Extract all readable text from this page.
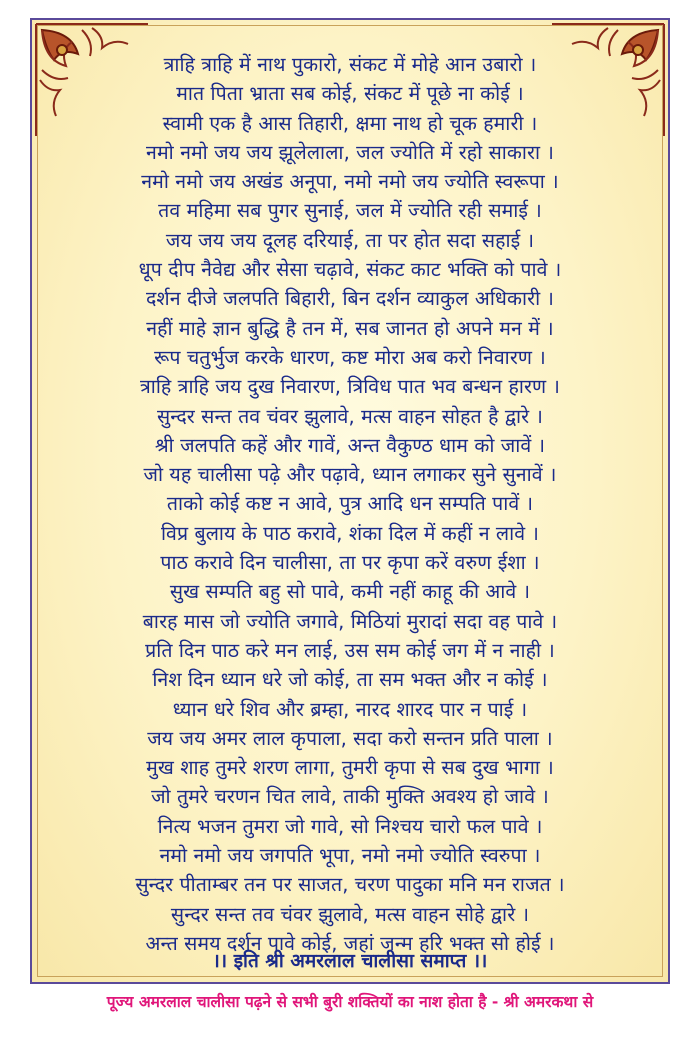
त्राहि त्राहि में नाथ पुकारो, संकट में मोहे आन उबारो ।
मात पिता भ्राता सब कोई, संकट में पूछे ना कोई ।
स्वामी एक है आस तिहारी, क्षमा नाथ हो चूक हमारी ।
नमो नमो जय जय झूलेलाला, जल ज्योति में रहो साकारा ।
नमो नमो जय अखंड अनूपा, नमो नमो जय ज्योति स्वरूपा ।
तव महिमा सब पुगर सुनाई, जल में ज्योति रही समाई ।
जय जय जय दूलह दरियाई, ता पर होत सदा सहाई ।
धूप दीप नैवेद्य और सेसा चढ़ावे, संकट काट भक्ति को पावे ।
दर्शन दीजे जलपति बिहारी, बिन दर्शन व्याकुल अधिकारी ।
नहीं माहे ज्ञान बुद्धि है तन में, सब जानत हो अपने मन में ।
रूप चतुर्भुज करके धारण, कष्ट मोरा अब करो निवारण ।
त्राहि त्राहि जय दुख निवारण, त्रिविध पात भव बन्धन हारण ।
सुन्दर सन्त तव चंवर झुलावे, मत्स वाहन सोहत है द्वारे ।
श्री जलपति कहें और गावें, अन्त वैकुण्ठ धाम को जावें ।
जो यह चालीसा पढ़े और पढ़ावे, ध्यान लगाकर सुने सुनावें ।
ताको कोई कष्ट न आवे, पुत्र आदि धन सम्पति पावें ।
विप्र बुलाय के पाठ करावे, शंका दिल में कहीं न लावे ।
पाठ करावे दिन चालीसा, ता पर कृपा करें वरुण ईशा ।
सुख सम्पति बहु सो पावे, कमी नहीं काहू की आवे ।
बारह मास जो ज्योति जगावे, मिठियां मुरादां सदा वह पावे ।
प्रति दिन पाठ करे मन लाई, उस सम कोई जग में न नाही ।
निश दिन ध्यान धरे जो कोई, ता सम भक्त और न कोई ।
ध्यान धरे शिव और ब्रम्हा, नारद शारद पार न पाई ।
जय जय अमर लाल कृपाला, सदा करो सन्तन प्रति पाला ।
मुख शाह तुमरे शरण लागा, तुमरी कृपा से सब दुख भागा ।
जो तुमरे चरणन चित लावे, ताकी मुक्ति अवश्य हो जावे ।
नित्य भजन तुमरा जो गावे, सो निश्चय चारो फल पावे ।
नमो नमो जय जगपति भूपा, नमो नमो ज्योति स्वरुपा ।
सुन्दर पीताम्बर तन पर साजत, चरण पादुका मनि मन राजत ।
सुन्दर सन्त तव चंवर झुलावे, मत्स वाहन सोहे द्वारे ।
अन्त समय दर्शन पावे कोई, जहां जन्म हरि भक्त सो होई ।
।। इति श्री अमरलाल चालीसा समाप्त ।।
पूज्य अमरलाल चालीसा पढ़ने से सभी बुरी शक्तियों का नाश होता है - श्री अमरकथा से
